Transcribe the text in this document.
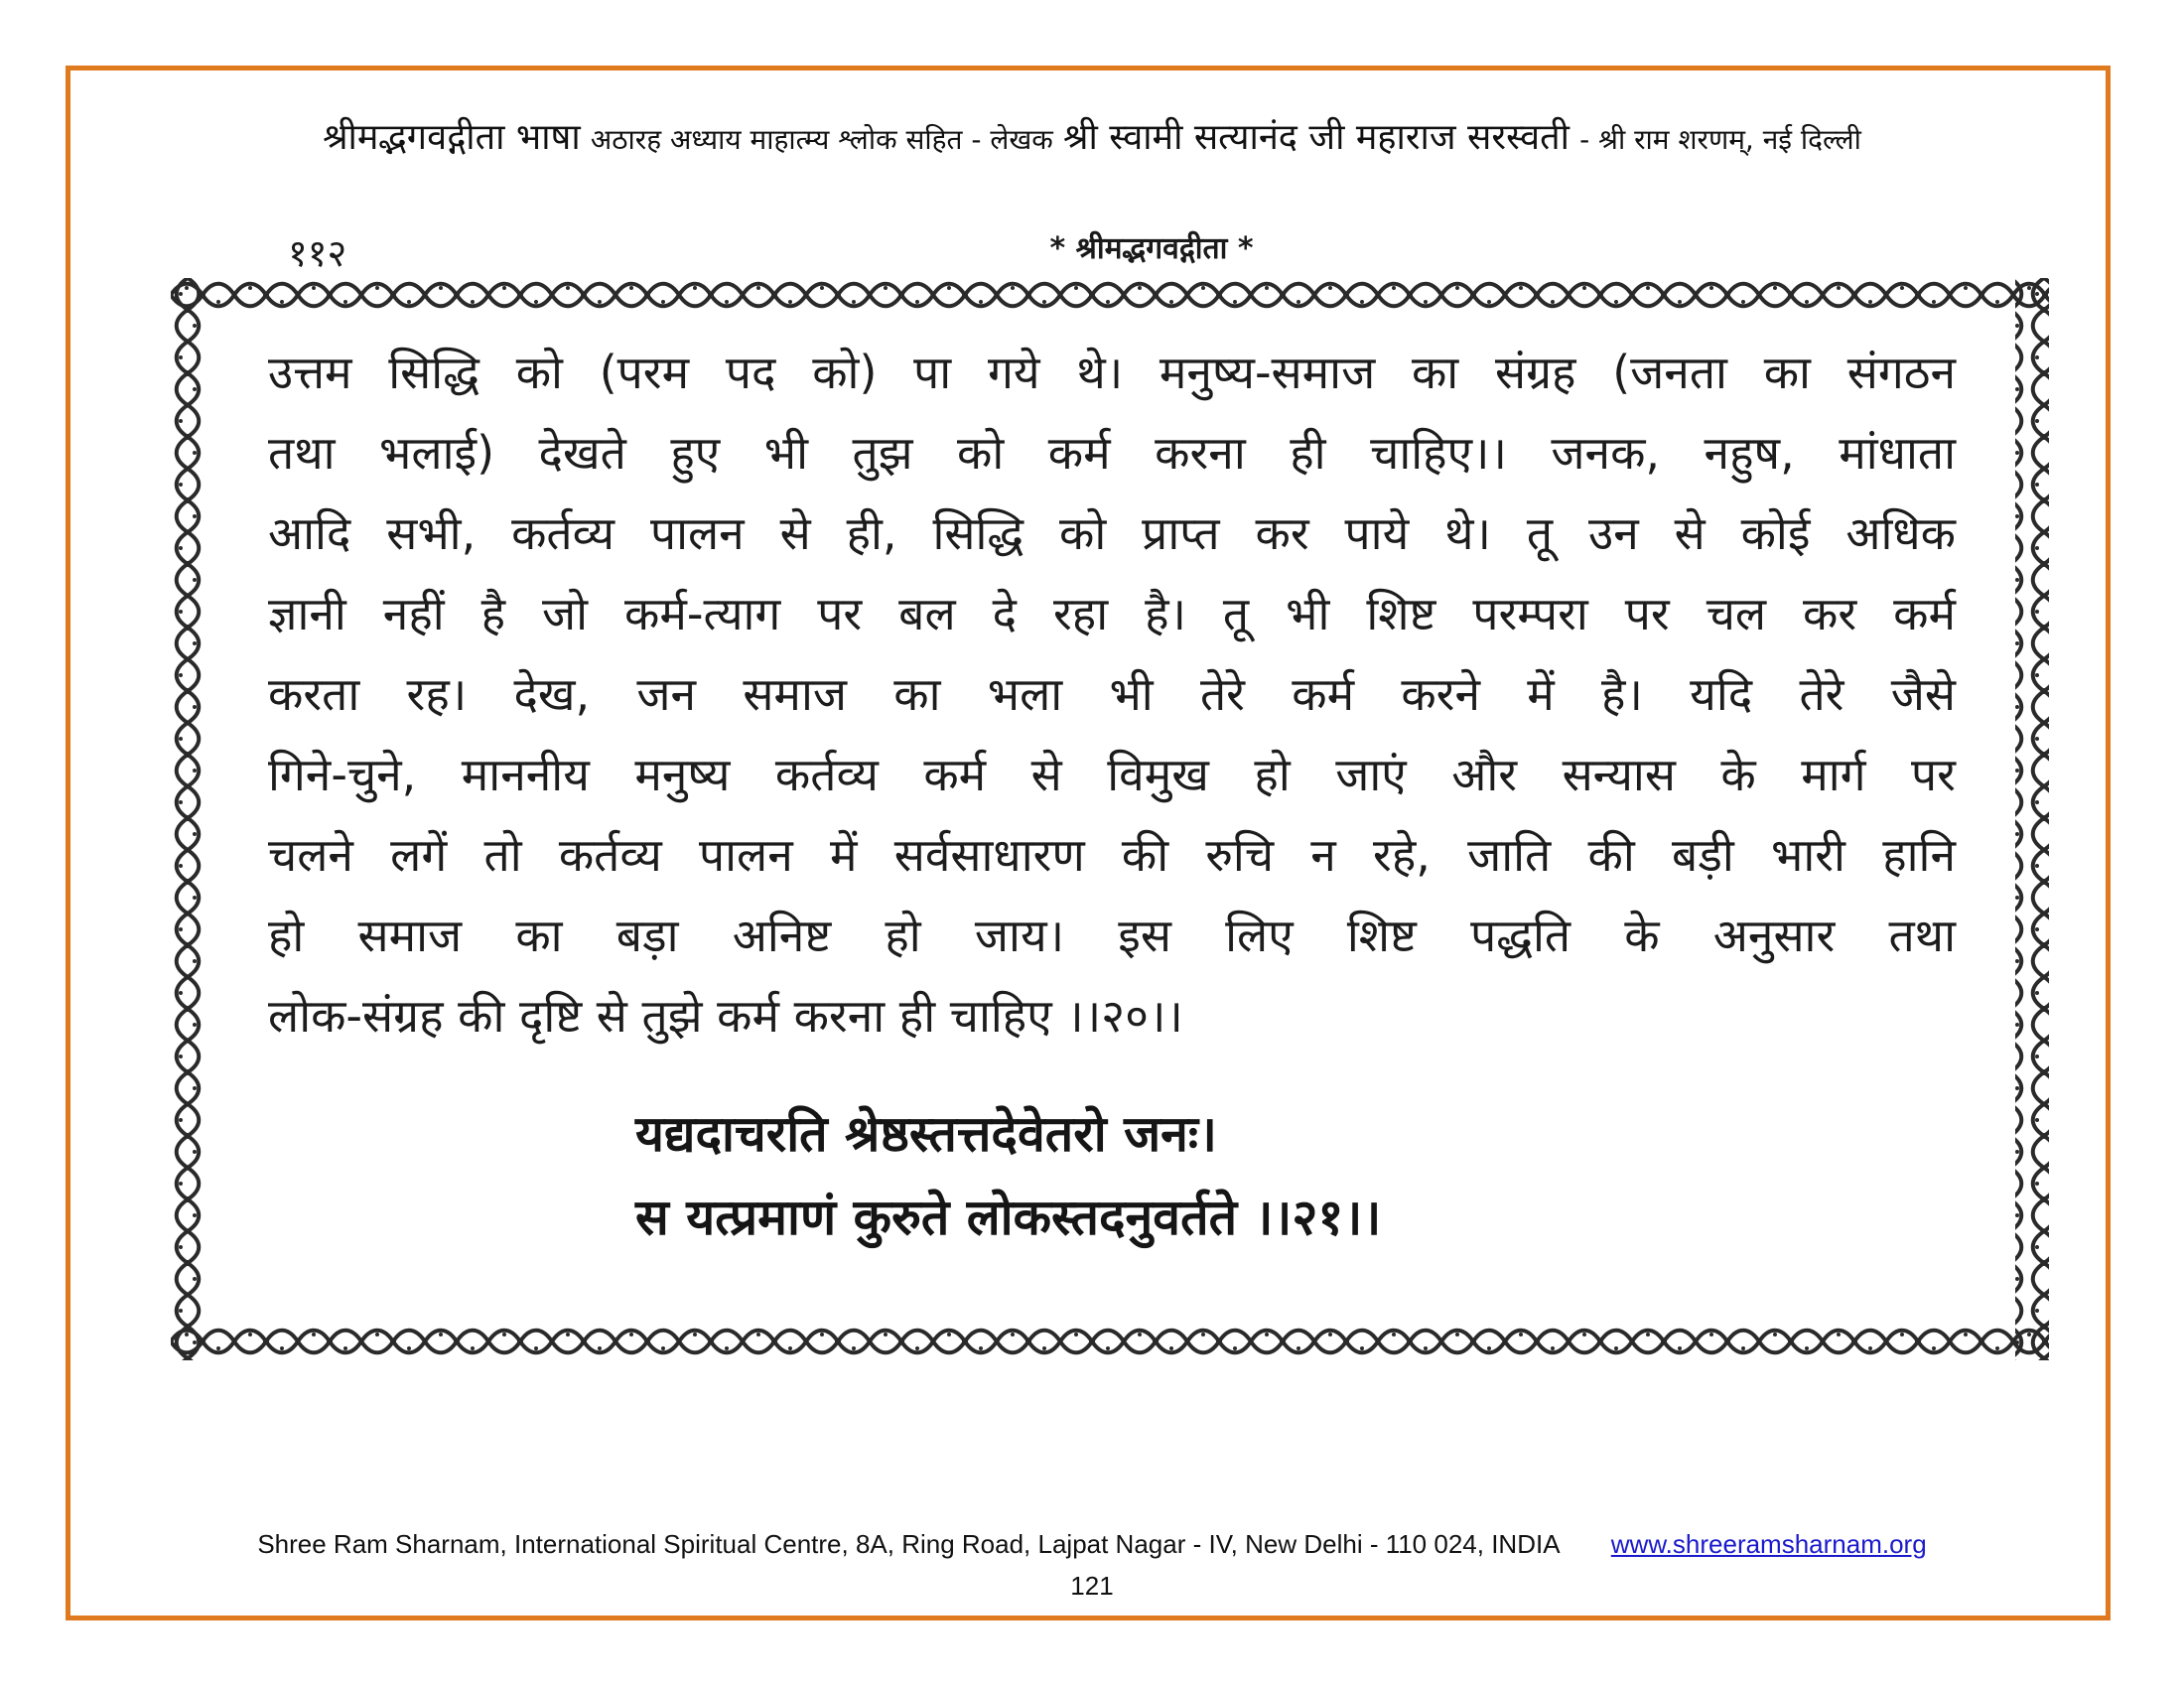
श्रीमद्भगवद्गीता भाषा अठारह अध्याय माहात्म्य श्लोक सहित - लेखक श्री स्वामी सत्यानंद जी महाराज सरस्वती - श्री राम शरणम्, नई दिल्ली
११२	* श्रीमद्भगवद्गीता *
उत्तम सिद्धि को (परम पद को) पा गये थे। मनुष्य-समाज का संग्रह (जनता का संगठन
तथा भलाई) देखते हुए भी तुझ को कर्म करना ही चाहिए।। जनक, नहुष, मांधाता
आदि सभी, कर्तव्य पालन से ही, सिद्धि को प्राप्त कर पाये थे। तू उन से कोई अधिक
ज्ञानी नहीं है जो कर्म-त्याग पर बल दे रहा है। तू भी शिष्ट परम्परा पर चल कर कर्म
करता रह। देख, जन समाज का भला भी तेरे कर्म करने में है। यदि तेरे जैसे
गिने-चुने, माननीय मनुष्य कर्तव्य कर्म से विमुख हो जाएं और सन्यास के मार्ग पर
चलने लगें तो कर्तव्य पालन में सर्वसाधारण की रुचि न रहे, जाति की बड़ी भारी हानि
हो समाज का बड़ा अनिष्ट हो जाय। इस लिए शिष्ट पद्धति के अनुसार तथा
लोक-संग्रह की दृष्टि से तुझे कर्म करना ही चाहिए ।।२०।।
यद्यदाचरति श्रेष्ठस्तत्तदेवेतरो जनः।
स यत्प्रमाणं कुरुते लोकस्तदनुवर्तते ।।२१।।
Shree Ram Sharnam, International Spiritual Centre, 8A, Ring Road, Lajpat Nagar - IV, New Delhi - 110 024, INDIA www.shreeramsharnam.org
121
